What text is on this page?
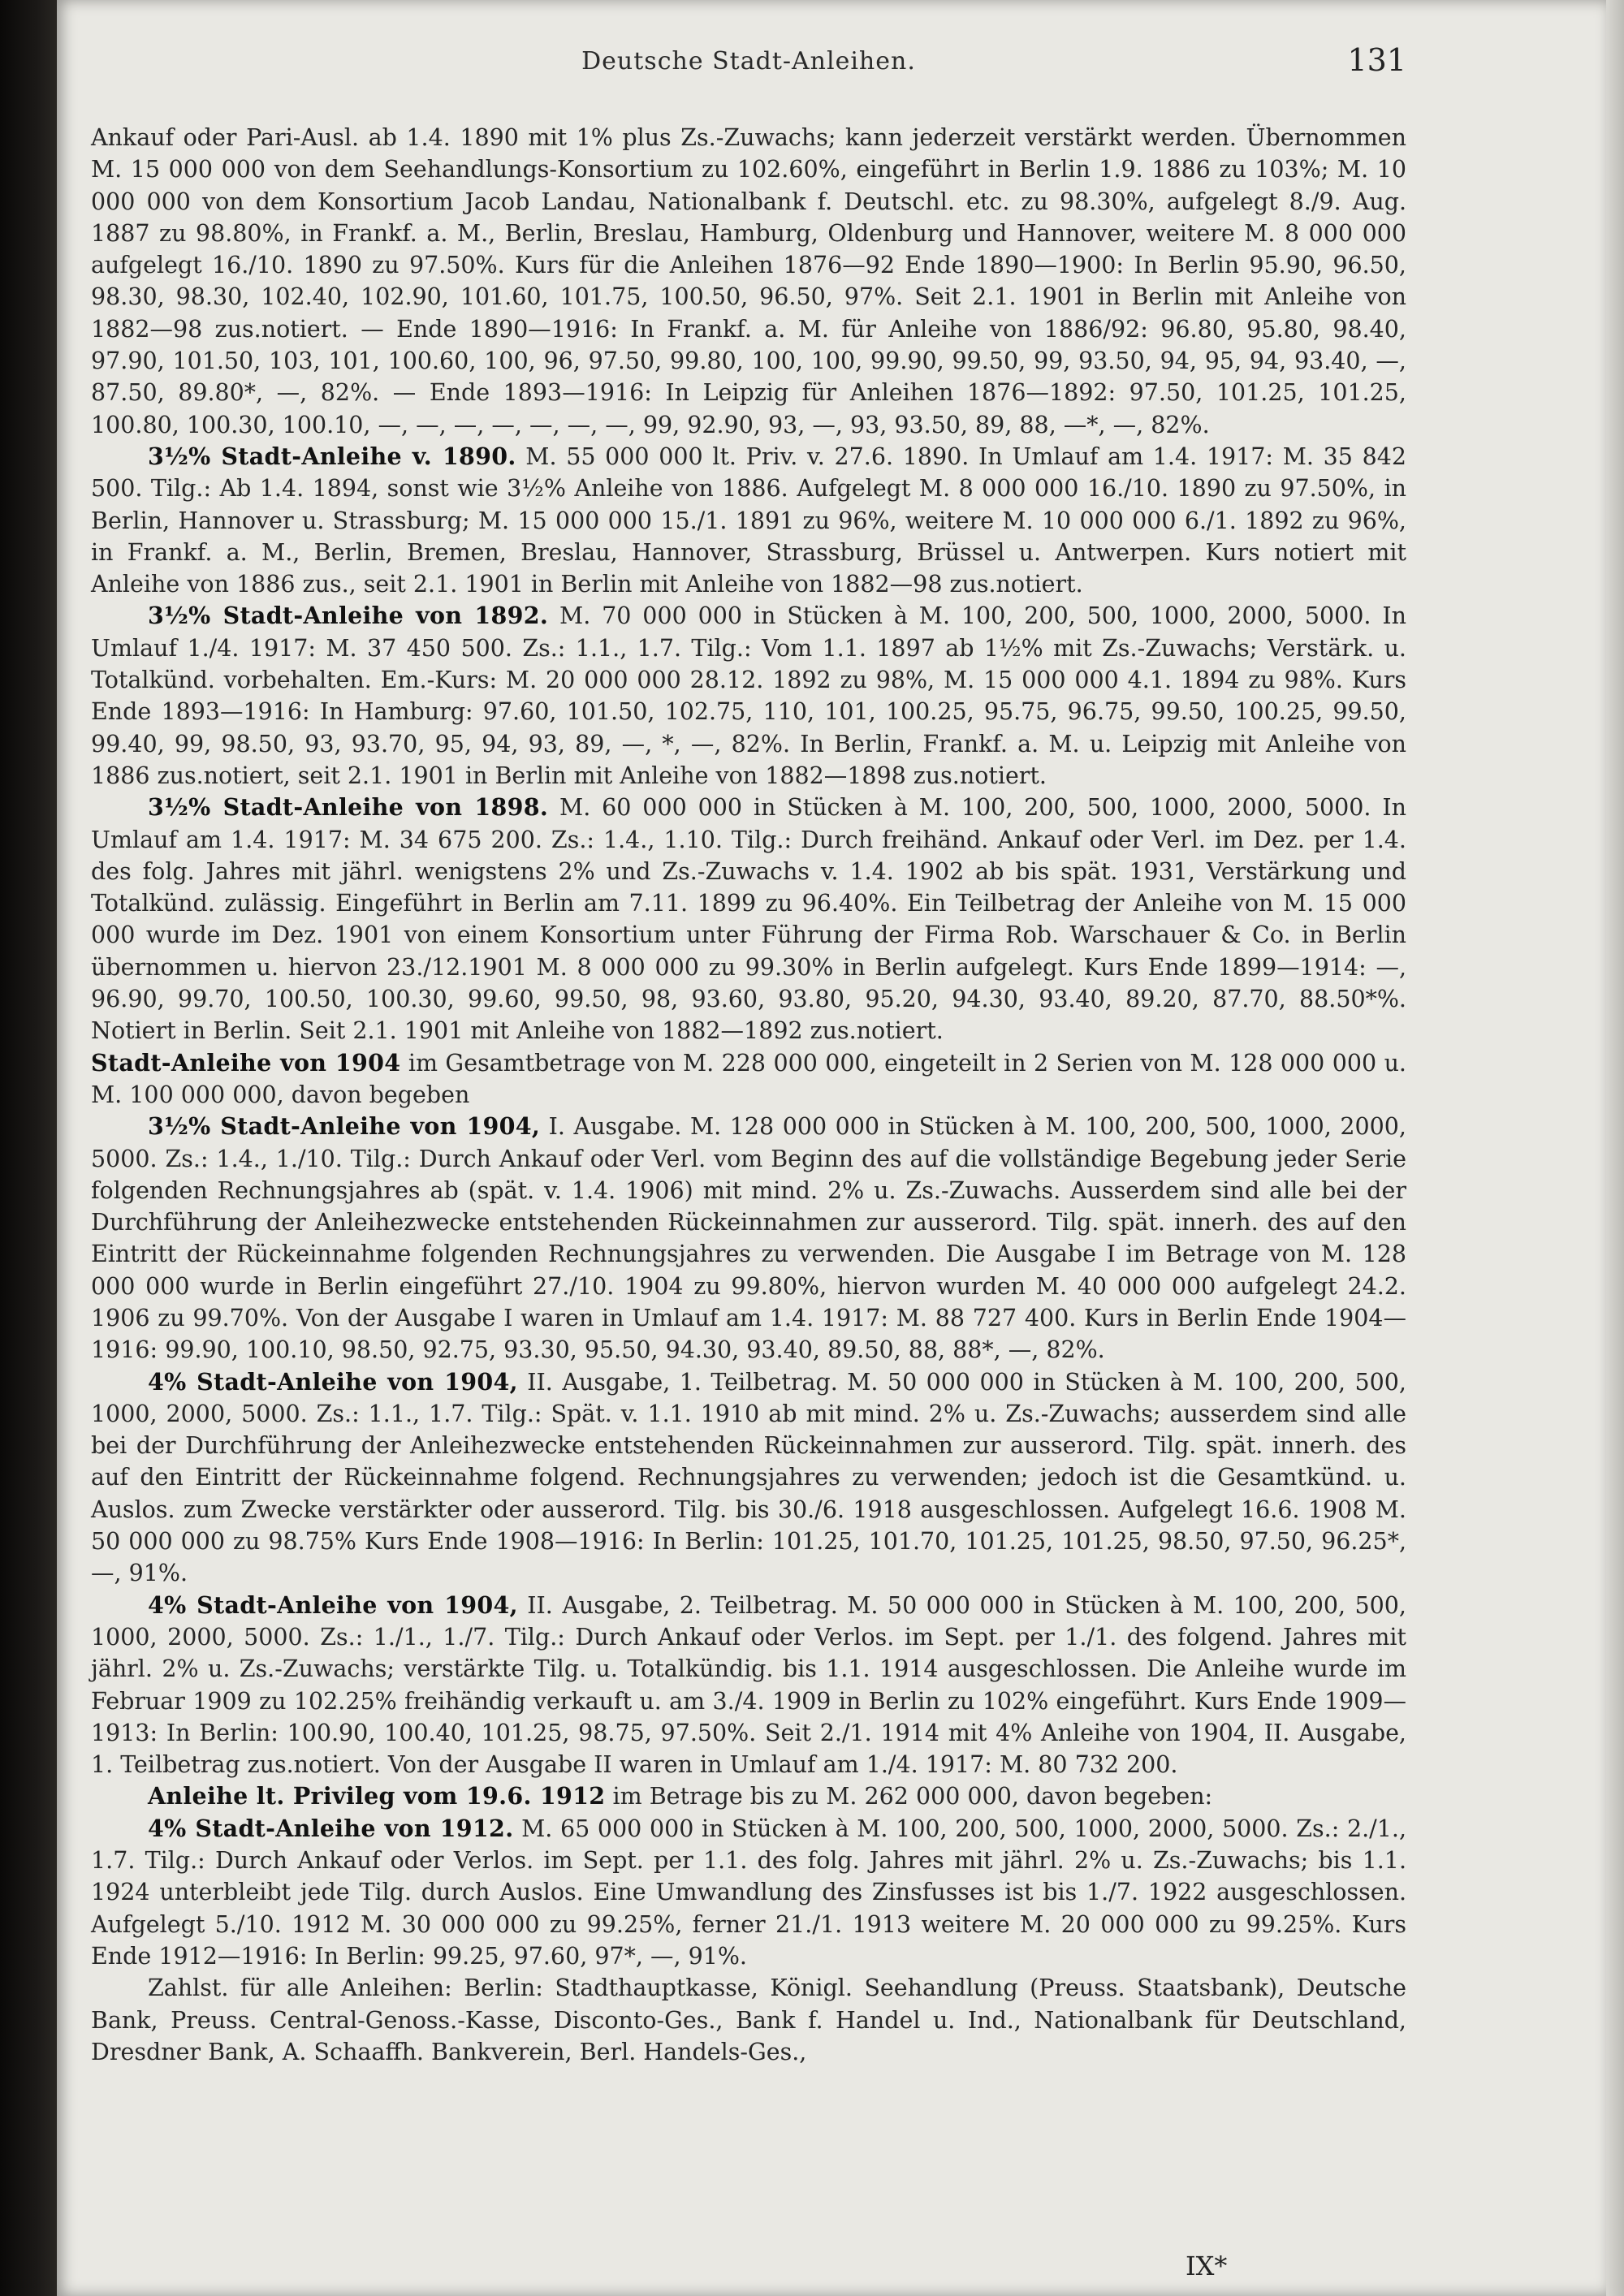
Deutsche Stadt-Anleihen.	131

Ankauf oder Pari-Ausl. ab 1.4. 1890 mit 1% plus Zs.-Zuwachs; kann jederzeit verstärkt werden. Übernommen M. 15 000 000 von dem Seehandlungs-Konsortium zu 102.60%, eingeführt in Berlin 1.9. 1886 zu 103%; M. 10 000 000 von dem Konsortium Jacob Landau, Nationalbank f. Deutschl. etc. zu 98.30%, aufgelegt 8./9. Aug. 1887 zu 98.80%, in Frankf. a. M., Berlin, Breslau, Hamburg, Oldenburg und Hannover, weitere M. 8 000 000 aufgelegt 16./10. 1890 zu 97.50%. Kurs für die Anleihen 1876—92 Ende 1890—1900: In Berlin 95.90, 96.50, 98.30, 98.30, 102.40, 102.90, 101.60, 101.75, 100.50, 96.50, 97%. Seit 2.1. 1901 in Berlin mit Anleihe von 1882—98 zus.notiert. — Ende 1890—1916: In Frankf. a. M. für Anleihe von 1886/92: 96.80, 95.80, 98.40, 97.90, 101.50, 103, 101, 100.60, 100, 96, 97.50, 99.80, 100, 100, 99.90, 99.50, 99, 93.50, 94, 95, 94, 93.40, —, 87.50, 89.80*, —, 82%. — Ende 1893—1916: In Leipzig für Anleihen 1876—1892: 97.50, 101.25, 101.25, 100.80, 100.30, 100.10, —, —, —, —, —, —, —, 99, 92.90, 93, —, 93, 93.50, 89, 88, —*, —, 82%.

3½% Stadt-Anleihe v. 1890. M. 55 000 000 lt. Priv. v. 27.6. 1890. In Umlauf am 1.4. 1917: M. 35 842 500. Tilg.: Ab 1.4. 1894, sonst wie 3½% Anleihe von 1886. Aufgelegt M. 8 000 000 16./10. 1890 zu 97.50%, in Berlin, Hannover u. Strassburg; M. 15 000 000 15./1. 1891 zu 96%, weitere M. 10 000 000 6./1. 1892 zu 96%, in Frankf. a. M., Berlin, Bremen, Breslau, Hannover, Strassburg, Brüssel u. Antwerpen. Kurs notiert mit Anleihe von 1886 zus., seit 2.1. 1901 in Berlin mit Anleihe von 1882—98 zus.notiert.

3½% Stadt-Anleihe von 1892. M. 70 000 000 in Stücken à M. 100, 200, 500, 1000, 2000, 5000. In Umlauf 1./4. 1917: M. 37 450 500. Zs.: 1.1., 1.7. Tilg.: Vom 1.1. 1897 ab 1½% mit Zs.-Zuwachs; Verstärk. u. Totalkünd. vorbehalten. Em.-Kurs: M. 20 000 000 28.12. 1892 zu 98%, M. 15 000 000 4.1. 1894 zu 98%. Kurs Ende 1893—1916: In Hamburg: 97.60, 101.50, 102.75, 110, 101, 100.25, 95.75, 96.75, 99.50, 100.25, 99.50, 99.40, 99, 98.50, 93, 93.70, 95, 94, 93, 89, —, *, —, 82%. In Berlin, Frankf. a. M. u. Leipzig mit Anleihe von 1886 zus.notiert, seit 2.1. 1901 in Berlin mit Anleihe von 1882—1898 zus.notiert.

3½% Stadt-Anleihe von 1898. M. 60 000 000 in Stücken à M. 100, 200, 500, 1000, 2000, 5000. In Umlauf am 1.4. 1917: M. 34 675 200. Zs.: 1.4., 1.10. Tilg.: Durch freihänd. Ankauf oder Verl. im Dez. per 1.4. des folg. Jahres mit jährl. wenigstens 2% und Zs.-Zuwachs v. 1.4. 1902 ab bis spät. 1931, Verstärkung und Totalkünd. zulässig. Eingeführt in Berlin am 7.11. 1899 zu 96.40%. Ein Teilbetrag der Anleihe von M. 15 000 000 wurde im Dez. 1901 von einem Konsortium unter Führung der Firma Rob. Warschauer & Co. in Berlin übernommen u. hiervon 23./12.1901 M. 8 000 000 zu 99.30% in Berlin aufgelegt. Kurs Ende 1899—1914: —, 96.90, 99.70, 100.50, 100.30, 99.60, 99.50, 98, 93.60, 93.80, 95.20, 94.30, 93.40, 89.20, 87.70, 88.50*%. Notiert in Berlin. Seit 2.1. 1901 mit Anleihe von 1882—1892 zus.notiert.

Stadt-Anleihe von 1904 im Gesamtbetrage von M. 228 000 000, eingeteilt in 2 Serien von M. 128 000 000 u. M. 100 000 000, davon begeben

3½% Stadt-Anleihe von 1904, I. Ausgabe. M. 128 000 000 in Stücken à M. 100, 200, 500, 1000, 2000, 5000. Zs.: 1.4., 1./10. Tilg.: Durch Ankauf oder Verl. vom Beginn des auf die vollständige Begebung jeder Serie folgenden Rechnungsjahres ab (spät. v. 1.4. 1906) mit mind. 2% u. Zs.-Zuwachs. Ausserdem sind alle bei der Durchführung der Anleihezwecke entstehenden Rückeinnahmen zur ausserord. Tilg. spät. innerh. des auf den Eintritt der Rückeinnahme folgenden Rechnungsjahres zu verwenden. Die Ausgabe I im Betrage von M. 128 000 000 wurde in Berlin eingeführt 27./10. 1904 zu 99.80%, hiervon wurden M. 40 000 000 aufgelegt 24.2. 1906 zu 99.70%. Von der Ausgabe I waren in Umlauf am 1.4. 1917: M. 88 727 400. Kurs in Berlin Ende 1904—1916: 99.90, 100.10, 98.50, 92.75, 93.30, 95.50, 94.30, 93.40, 89.50, 88, 88*, —, 82%.

4% Stadt-Anleihe von 1904, II. Ausgabe, 1. Teilbetrag. M. 50 000 000 in Stücken à M. 100, 200, 500, 1000, 2000, 5000. Zs.: 1.1., 1.7. Tilg.: Spät. v. 1.1. 1910 ab mit mind. 2% u. Zs.-Zuwachs; ausserdem sind alle bei der Durchführung der Anleihezwecke entstehenden Rückeinnahmen zur ausserord. Tilg. spät. innerh. des auf den Eintritt der Rückeinnahme folgend. Rechnungsjahres zu verwenden; jedoch ist die Gesamtkünd. u. Auslos. zum Zwecke verstärkter oder ausserord. Tilg. bis 30./6. 1918 ausgeschlossen. Aufgelegt 16.6. 1908 M. 50 000 000 zu 98.75% Kurs Ende 1908—1916: In Berlin: 101.25, 101.70, 101.25, 101.25, 98.50, 97.50, 96.25*, —, 91%.

4% Stadt-Anleihe von 1904, II. Ausgabe, 2. Teilbetrag. M. 50 000 000 in Stücken à M. 100, 200, 500, 1000, 2000, 5000. Zs.: 1./1., 1./7. Tilg.: Durch Ankauf oder Verlos. im Sept. per 1./1. des folgend. Jahres mit jährl. 2% u. Zs.-Zuwachs; verstärkte Tilg. u. Totalkündig. bis 1.1. 1914 ausgeschlossen. Die Anleihe wurde im Februar 1909 zu 102.25% freihändig verkauft u. am 3./4. 1909 in Berlin zu 102% eingeführt. Kurs Ende 1909—1913: In Berlin: 100.90, 100.40, 101.25, 98.75, 97.50%. Seit 2./1. 1914 mit 4% Anleihe von 1904, II. Ausgabe, 1. Teilbetrag zus.notiert. Von der Ausgabe II waren in Umlauf am 1./4. 1917: M. 80 732 200.

Anleihe lt. Privileg vom 19.6. 1912 im Betrage bis zu M. 262 000 000, davon begeben:

4% Stadt-Anleihe von 1912. M. 65 000 000 in Stücken à M. 100, 200, 500, 1000, 2000, 5000. Zs.: 2./1., 1.7. Tilg.: Durch Ankauf oder Verlos. im Sept. per 1.1. des folg. Jahres mit jährl. 2% u. Zs.-Zuwachs; bis 1.1. 1924 unterbleibt jede Tilg. durch Auslos. Eine Umwandlung des Zinsfusses ist bis 1./7. 1922 ausgeschlossen. Aufgelegt 5./10. 1912 M. 30 000 000 zu 99.25%, ferner 21./1. 1913 weitere M. 20 000 000 zu 99.25%. Kurs Ende 1912—1916: In Berlin: 99.25, 97.60, 97*, —, 91%.

Zahlst. für alle Anleihen: Berlin: Stadthauptkasse, Königl. Seehandlung (Preuss. Staatsbank), Deutsche Bank, Preuss. Central-Genoss.-Kasse, Disconto-Ges., Bank f. Handel u. Ind., Nationalbank für Deutschland, Dresdner Bank, A. Schaaffh. Bankverein, Berl. Handels-Ges.,

IX*
